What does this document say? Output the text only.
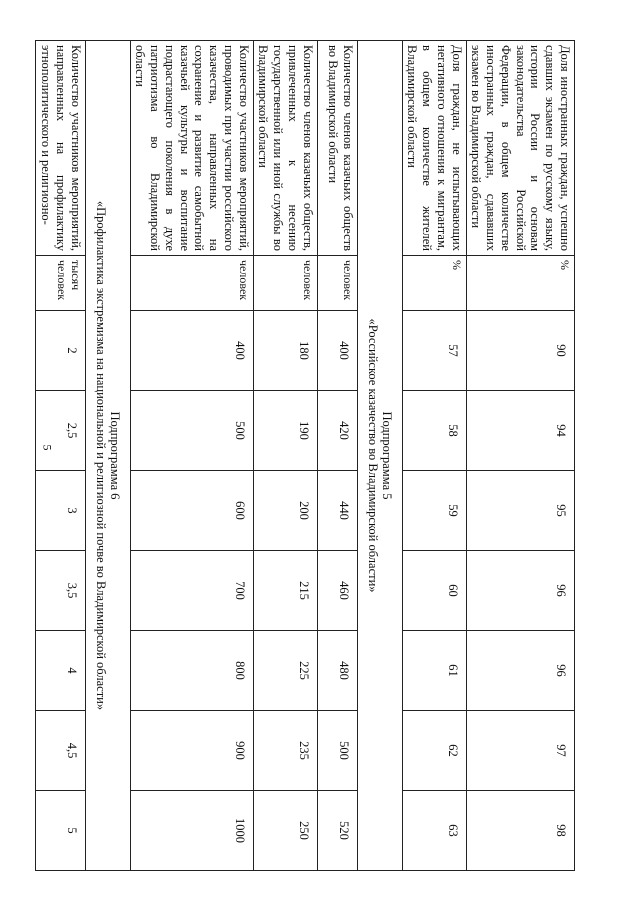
5
Доля иностранных граждан, успешно сдавших экзамен по русскому языку, истории России и основам законодательства Российской Федерации, в общем количестве иностранных граждан, сдававших экзамен во Владимирской области	%	90	94	95	96	96	97	98
Доля граждан, не испытывающих негативного отношения к мигрантам, в общем количестве жителей Владимирской области	%	57	58	59	60	61	62	63

Подпрограмма 5
«Российское казачество во Владимирской области»								

Количество членов казачьих обществ во Владимирской области	человек	400	420	440	460	480	500	520
Количество членов казачьих обществ, привлеченных к несению государственной или иной службы во Владимирской области	человек	180	190	200	215	225	235	250
Количество участников мероприятий, проводимых при участии российского казачества, направленных на сохранение и развитие самобытной казачьей культуры и воспитание подрастающего поколения в духе патриотизма во Владимирской области	человек	400	500	600	700	800	900	1000

Подпрограмма 6
«Профилактика экстремизма на национальной и религиозной почве во Владимирской области»								

Количество участников мероприятий, направленных на профилактику этнополитического и религиозно-	тысяч человек	2	2,5	3	3,5	4	4,5	5
